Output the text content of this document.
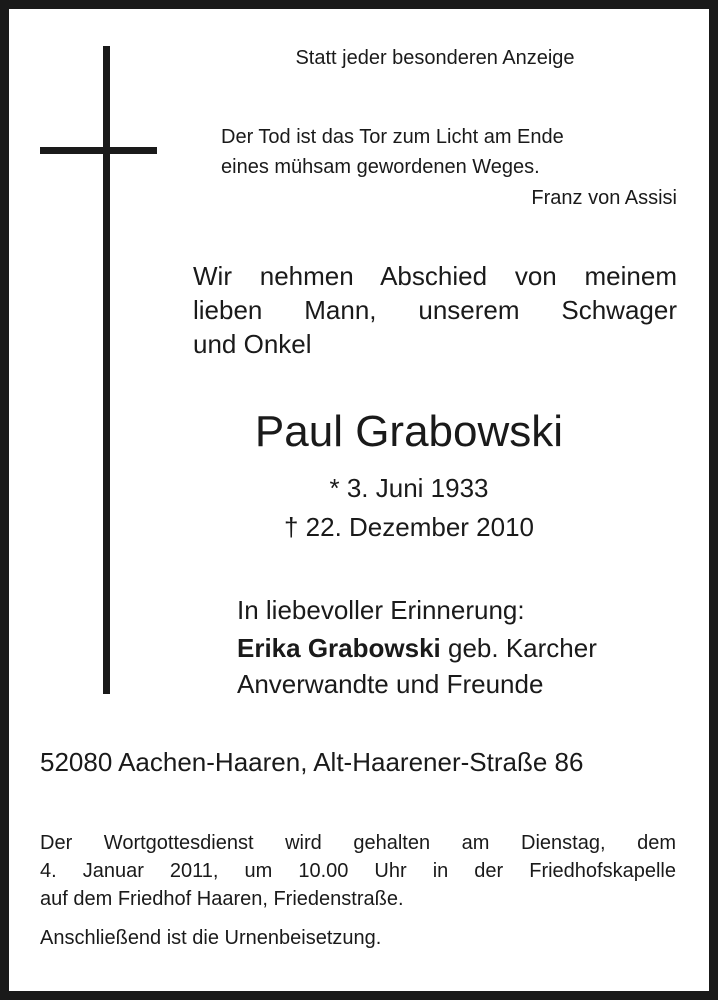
Statt jeder besonderen Anzeige
Der Tod ist das Tor zum Licht am Ende
eines mühsam gewordenen Weges.
Franz von Assisi
Wir nehmen Abschied von meinem
lieben Mann, unserem Schwager
und Onkel
Paul Grabowski
* 3. Juni 1933
† 22. Dezember 2010
In liebevoller Erinnerung:
Erika Grabowski geb. Karcher
Anverwandte und Freunde
52080 Aachen-Haaren, Alt-Haarener-Straße 86
Der Wortgottesdienst wird gehalten am Dienstag, dem
4. Januar 2011, um 10.00 Uhr in der Friedhofskapelle
auf dem Friedhof Haaren, Friedenstraße.
Anschließend ist die Urnenbeisetzung.
